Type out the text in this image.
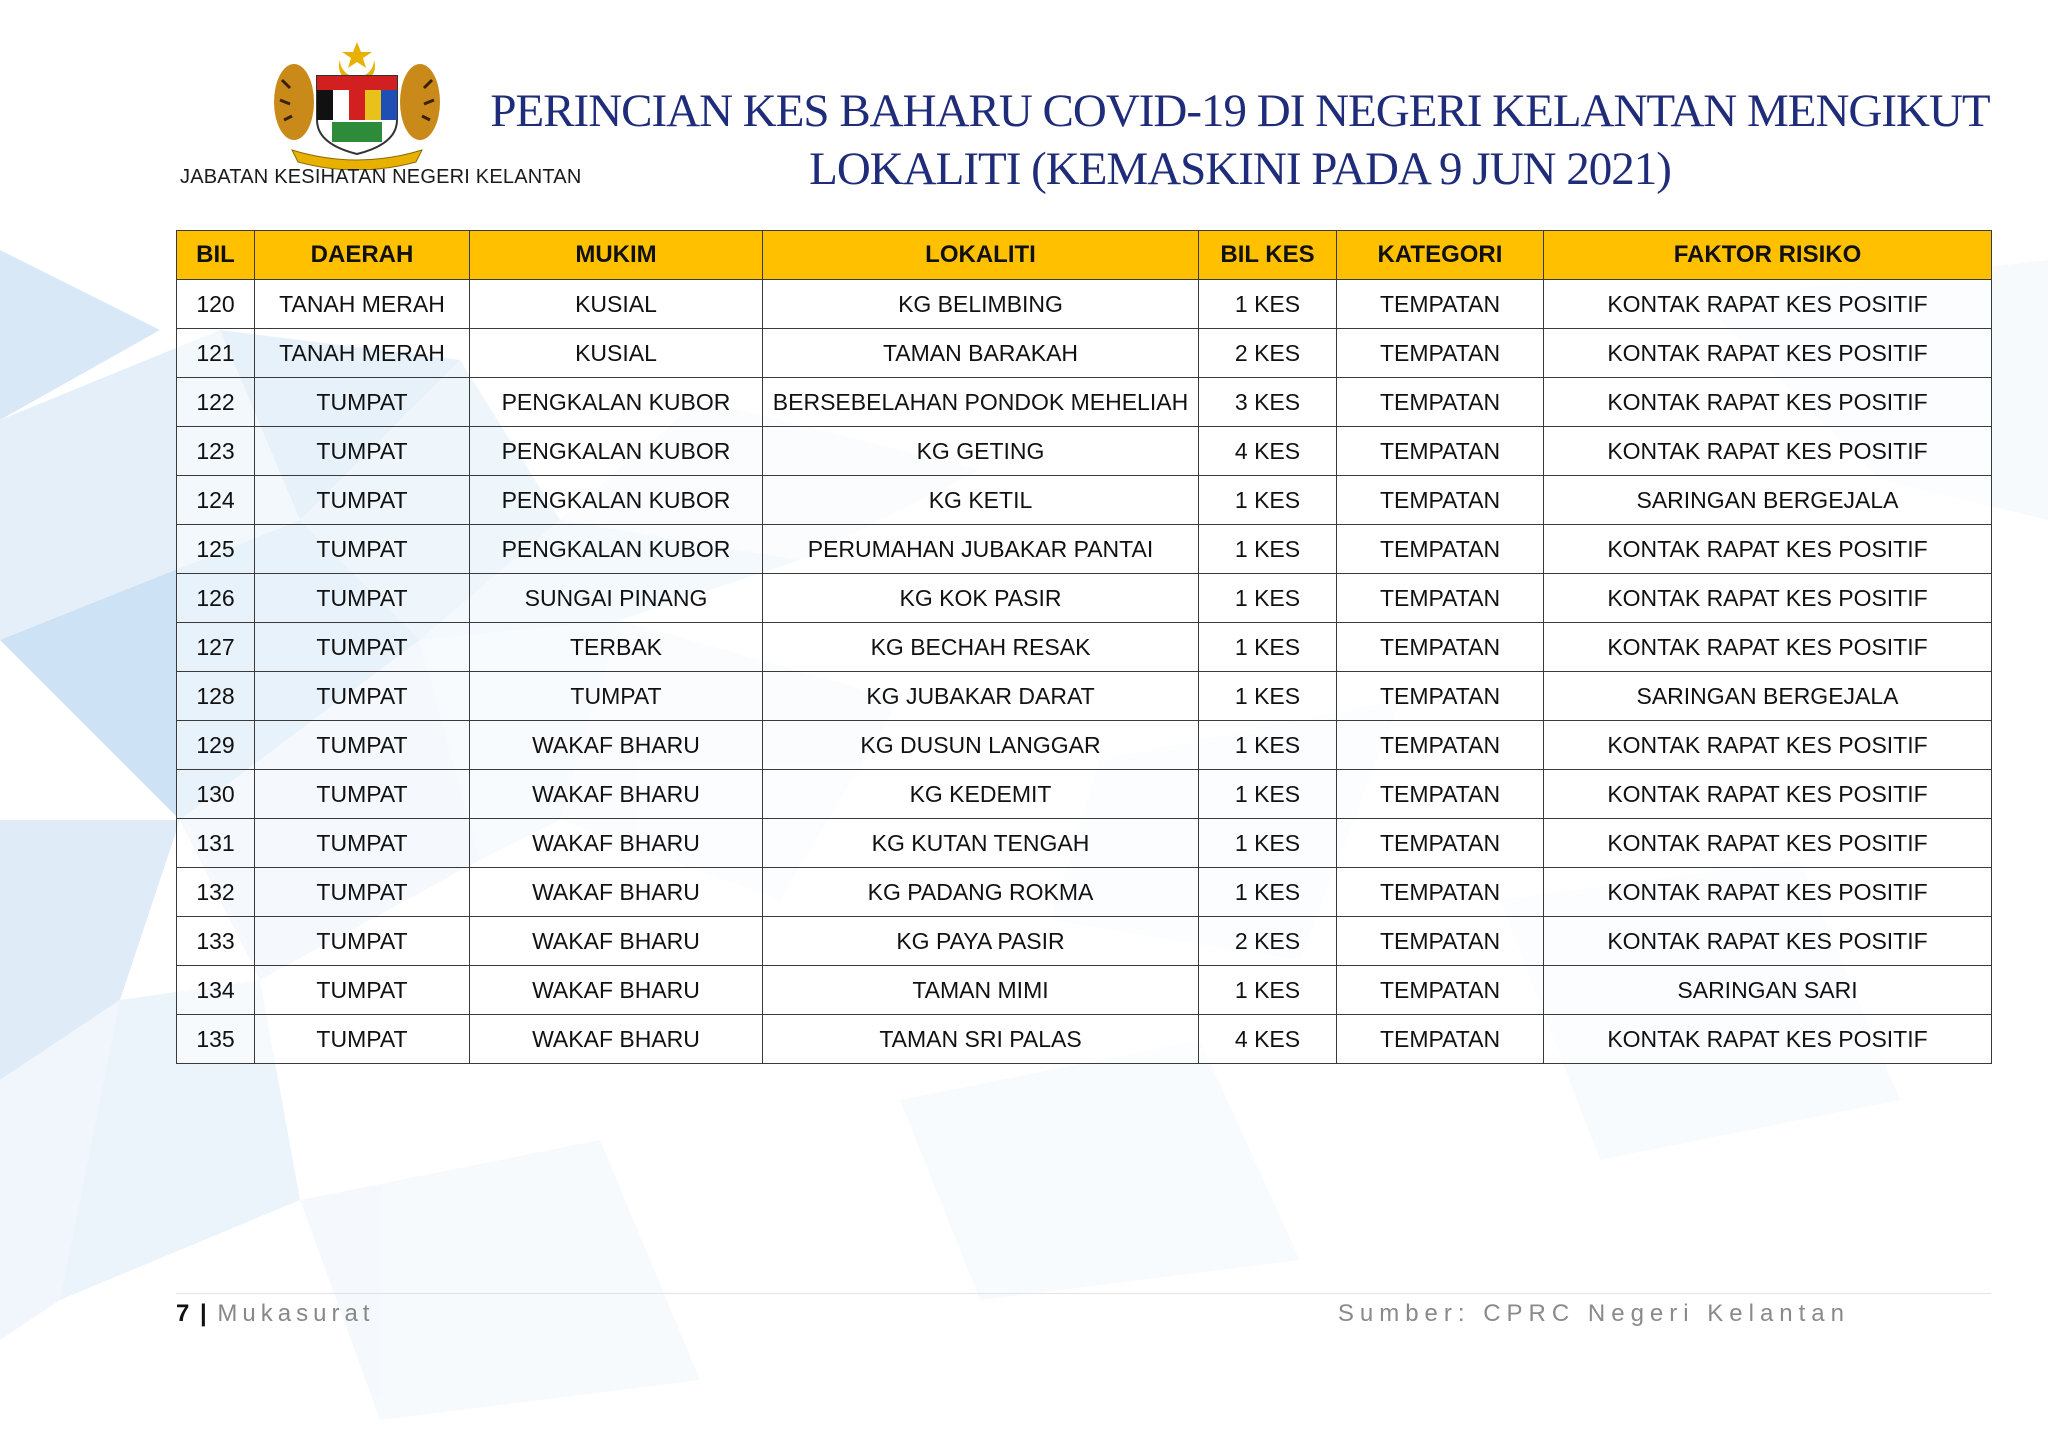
JABATAN KESIHATAN NEGERI KELANTAN
PERINCIAN KES BAHARU COVID-19 DI NEGERI KELANTAN MENGIKUT
LOKALITI (KEMASKINI PADA 9 JUN 2021)
BIL	DAERAH	MUKIM	LOKALITI	BIL KES	KATEGORI	FAKTOR RISIKO
120	TANAH MERAH	KUSIAL	KG BELIMBING	1 KES	TEMPATAN	KONTAK RAPAT KES POSITIF
121	TANAH MERAH	KUSIAL	TAMAN BARAKAH	2 KES	TEMPATAN	KONTAK RAPAT KES POSITIF
122	TUMPAT	PENGKALAN KUBOR	BERSEBELAHAN PONDOK MEHELIAH	3 KES	TEMPATAN	KONTAK RAPAT KES POSITIF
123	TUMPAT	PENGKALAN KUBOR	KG GETING	4 KES	TEMPATAN	KONTAK RAPAT KES POSITIF
124	TUMPAT	PENGKALAN KUBOR	KG KETIL	1 KES	TEMPATAN	SARINGAN BERGEJALA
125	TUMPAT	PENGKALAN KUBOR	PERUMAHAN JUBAKAR PANTAI	1 KES	TEMPATAN	KONTAK RAPAT KES POSITIF
126	TUMPAT	SUNGAI PINANG	KG KOK PASIR	1 KES	TEMPATAN	KONTAK RAPAT KES POSITIF
127	TUMPAT	TERBAK	KG BECHAH RESAK	1 KES	TEMPATAN	KONTAK RAPAT KES POSITIF
128	TUMPAT	TUMPAT	KG JUBAKAR DARAT	1 KES	TEMPATAN	SARINGAN BERGEJALA
129	TUMPAT	WAKAF BHARU	KG DUSUN LANGGAR	1 KES	TEMPATAN	KONTAK RAPAT KES POSITIF
130	TUMPAT	WAKAF BHARU	KG KEDEMIT	1 KES	TEMPATAN	KONTAK RAPAT KES POSITIF
131	TUMPAT	WAKAF BHARU	KG KUTAN TENGAH	1 KES	TEMPATAN	KONTAK RAPAT KES POSITIF
132	TUMPAT	WAKAF BHARU	KG PADANG ROKMA	1 KES	TEMPATAN	KONTAK RAPAT KES POSITIF
133	TUMPAT	WAKAF BHARU	KG PAYA PASIR	2 KES	TEMPATAN	KONTAK RAPAT KES POSITIF
134	TUMPAT	WAKAF BHARU	TAMAN MIMI	1 KES	TEMPATAN	SARINGAN SARI
135	TUMPAT	WAKAF BHARU	TAMAN SRI PALAS	4 KES	TEMPATAN	KONTAK RAPAT KES POSITIF
7 | Mukasurat	Sumber: CPRC Negeri Kelantan
